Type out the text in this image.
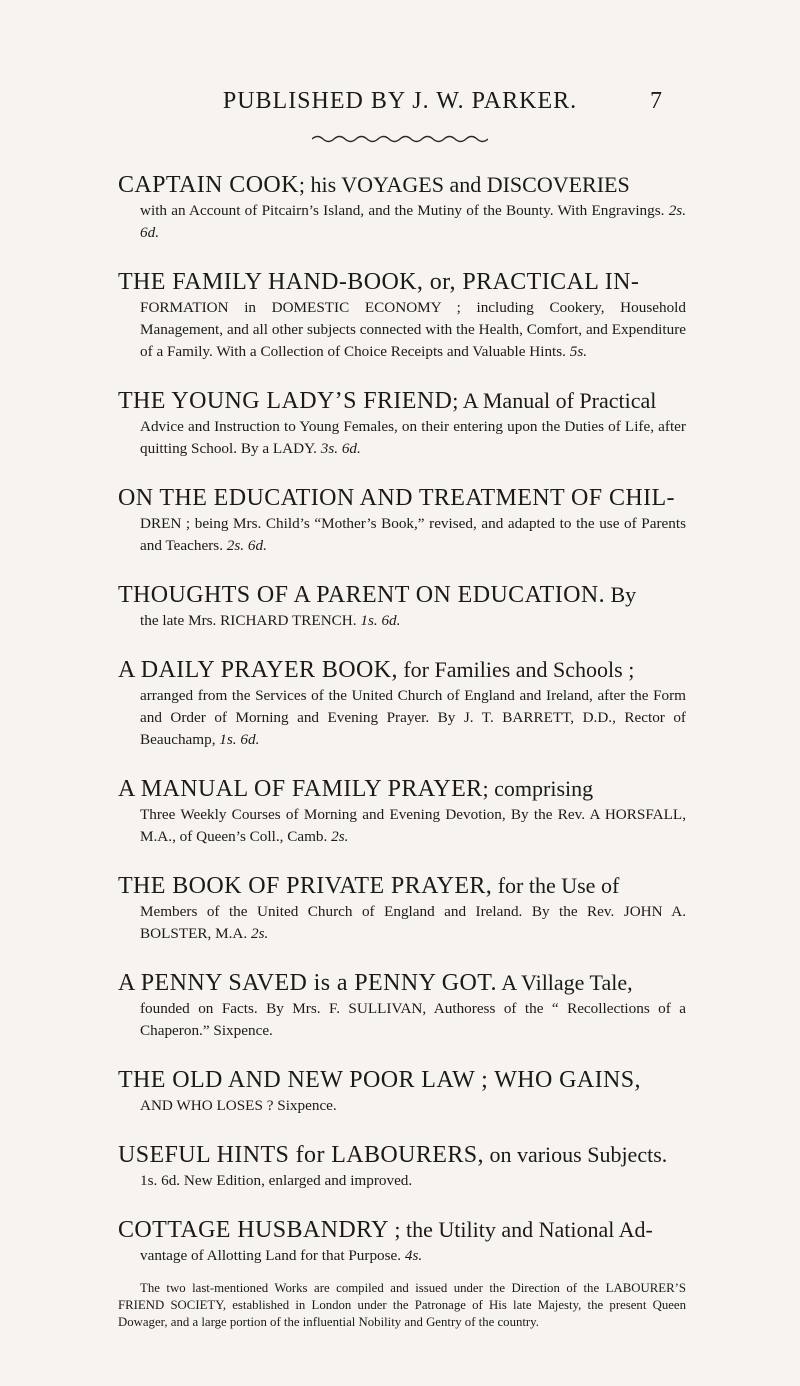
PUBLISHED BY J. W. PARKER.	7
CAPTAIN COOK; his VOYAGES and DISCOVERIES
with an Account of Pitcairn’s Island, and the Mutiny of the Bounty. With Engravings. 2s. 6d.
THE FAMILY HAND-BOOK, or, PRACTICAL IN-
FORMATION in DOMESTIC ECONOMY ; including Cookery, Household Management, and all other subjects connected with the Health, Comfort, and Expenditure of a Family. With a Collection of Choice Receipts and Valuable Hints. 5s.
THE YOUNG LADY’S FRIEND; A Manual of Practical
Advice and Instruction to Young Females, on their entering upon the Duties of Life, after quitting School. By a LADY. 3s. 6d.
ON THE EDUCATION AND TREATMENT OF CHIL-
DREN ; being Mrs. Child’s “Mother’s Book,” revised, and adapted to the use of Parents and Teachers. 2s. 6d.
THOUGHTS OF A PARENT ON EDUCATION. By
the late Mrs. RICHARD TRENCH. 1s. 6d.
A DAILY PRAYER BOOK, for Families and Schools ;
arranged from the Services of the United Church of England and Ireland, after the Form and Order of Morning and Evening Prayer. By J. T. BARRETT, D.D., Rector of Beauchamp, 1s. 6d.
A MANUAL OF FAMILY PRAYER; comprising
Three Weekly Courses of Morning and Evening Devotion, By the Rev. A HORSFALL, M.A., of Queen’s Coll., Camb. 2s.
THE BOOK OF PRIVATE PRAYER, for the Use of
Members of the United Church of England and Ireland. By the Rev. JOHN A. BOLSTER, M.A. 2s.
A PENNY SAVED is a PENNY GOT. A Village Tale,
founded on Facts. By Mrs. F. SULLIVAN, Authoress of the “ Recollections of a Chaperon.” Sixpence.
THE OLD AND NEW POOR LAW ; WHO GAINS,
AND WHO LOSES ? Sixpence.
USEFUL HINTS for LABOURERS, on various Subjects.
1s. 6d. New Edition, enlarged and improved.
COTTAGE HUSBANDRY ; the Utility and National Ad-
vantage of Allotting Land for that Purpose. 4s.

The two last-mentioned Works are compiled and issued under the Direction of the LABOURER’S FRIEND SOCIETY, established in London under the Patronage of His late Majesty, the present Queen Dowager, and a large portion of the influential Nobility and Gentry of the country.
